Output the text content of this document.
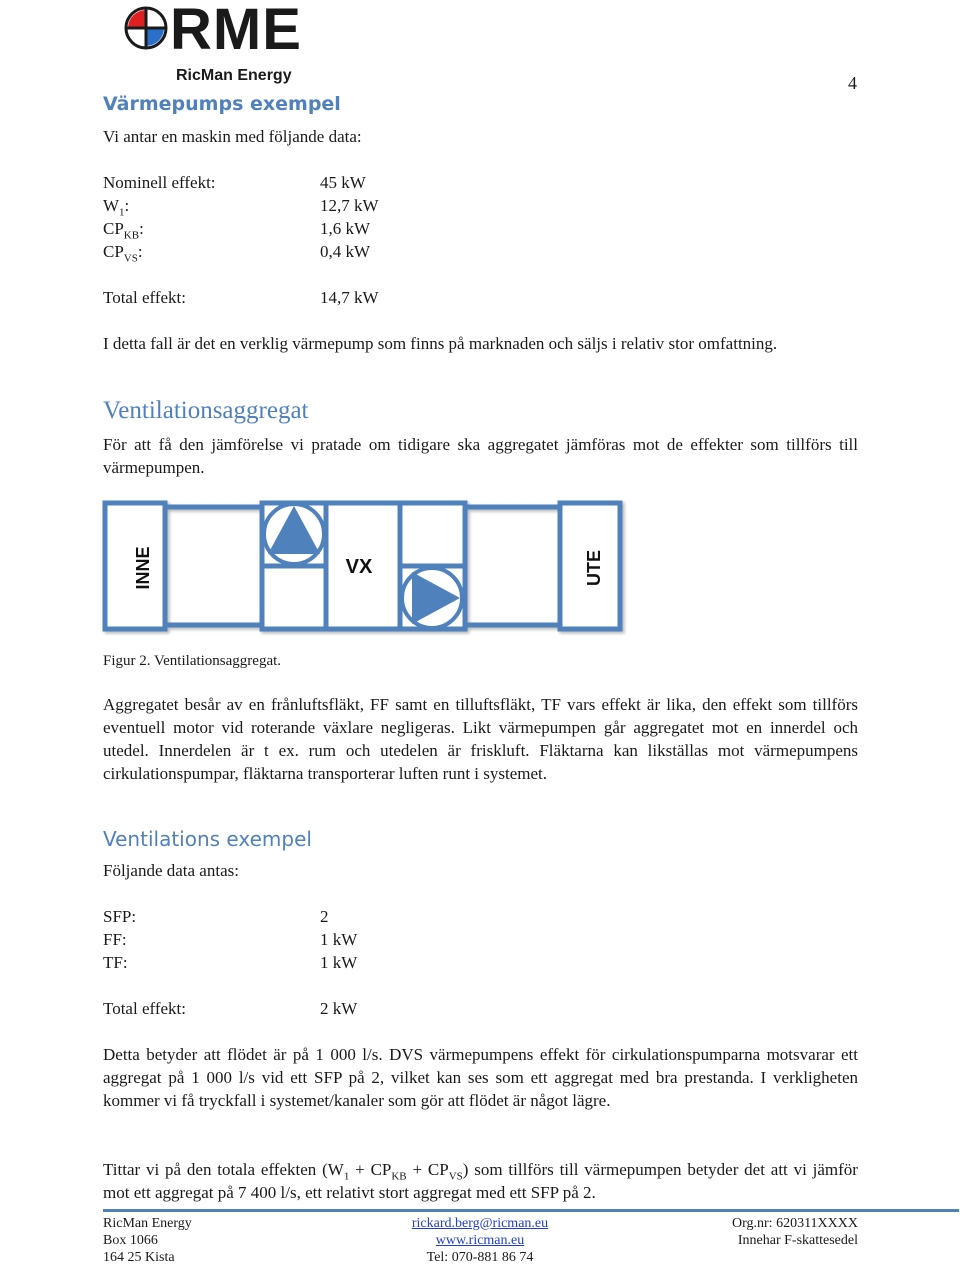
RME
RicMan Energy	4
Värmepumps exempel
Vi antar en maskin med följande data:
Nominell effekt:	45 kW
$W_1$:	12,7 kW
$CP_{KB}$:	1,6 kW
$CP_{VS}$:	0,4 kW
Total effekt:	14,7 kW
I detta fall är det en verklig värmepump som finns på marknaden och säljs i relativ stor omfattning.
Ventilationsaggregat
För att få den jämförelse vi pratade om tidigare ska aggregatet jämföras mot de effekter som tillförs till värmepumpen.
INNE	VX	UTE
Figur 2. Ventilationsaggregat.
Aggregatet besår av en frånluftsfläkt, FF samt en tilluftsfläkt, TF vars effekt är lika, den effekt som tillförs eventuell motor vid roterande växlare negligeras. Likt värmepumpen går aggregatet mot en innerdel och utedel. Innerdelen är t ex. rum och utedelen är friskluft. Fläktarna kan likställas mot värmepumpens cirkulationspumpar, fläktarna transporterar luften runt i systemet.
Ventilations exempel
Följande data antas:
SFP:	2
FF:	1 kW
TF:	1 kW
Total effekt:	2 kW
Detta betyder att flödet är på 1 000 l/s. DVS värmepumpens effekt för cirkulationspumparna motsvarar ett aggregat på 1 000 l/s vid ett SFP på 2, vilket kan ses som ett aggregat med bra prestanda. I verkligheten kommer vi få tryckfall i systemet/kanaler som gör att flödet är något lägre.
Tittar vi på den totala effekten $(W_1 + CP_{KB} + CP_{VS})$ som tillförs till värmepumpen betyder det att vi jämför mot ett aggregat på 7 400 l/s, ett relativt stort aggregat med ett SFP på 2.
RicMan Energy
Box 1066
164 25 Kista
rickard.berg@ricman.eu
www.ricman.eu
Tel: 070-881 86 74
Org.nr: 620311XXXX
Innehar F-skattesedel
